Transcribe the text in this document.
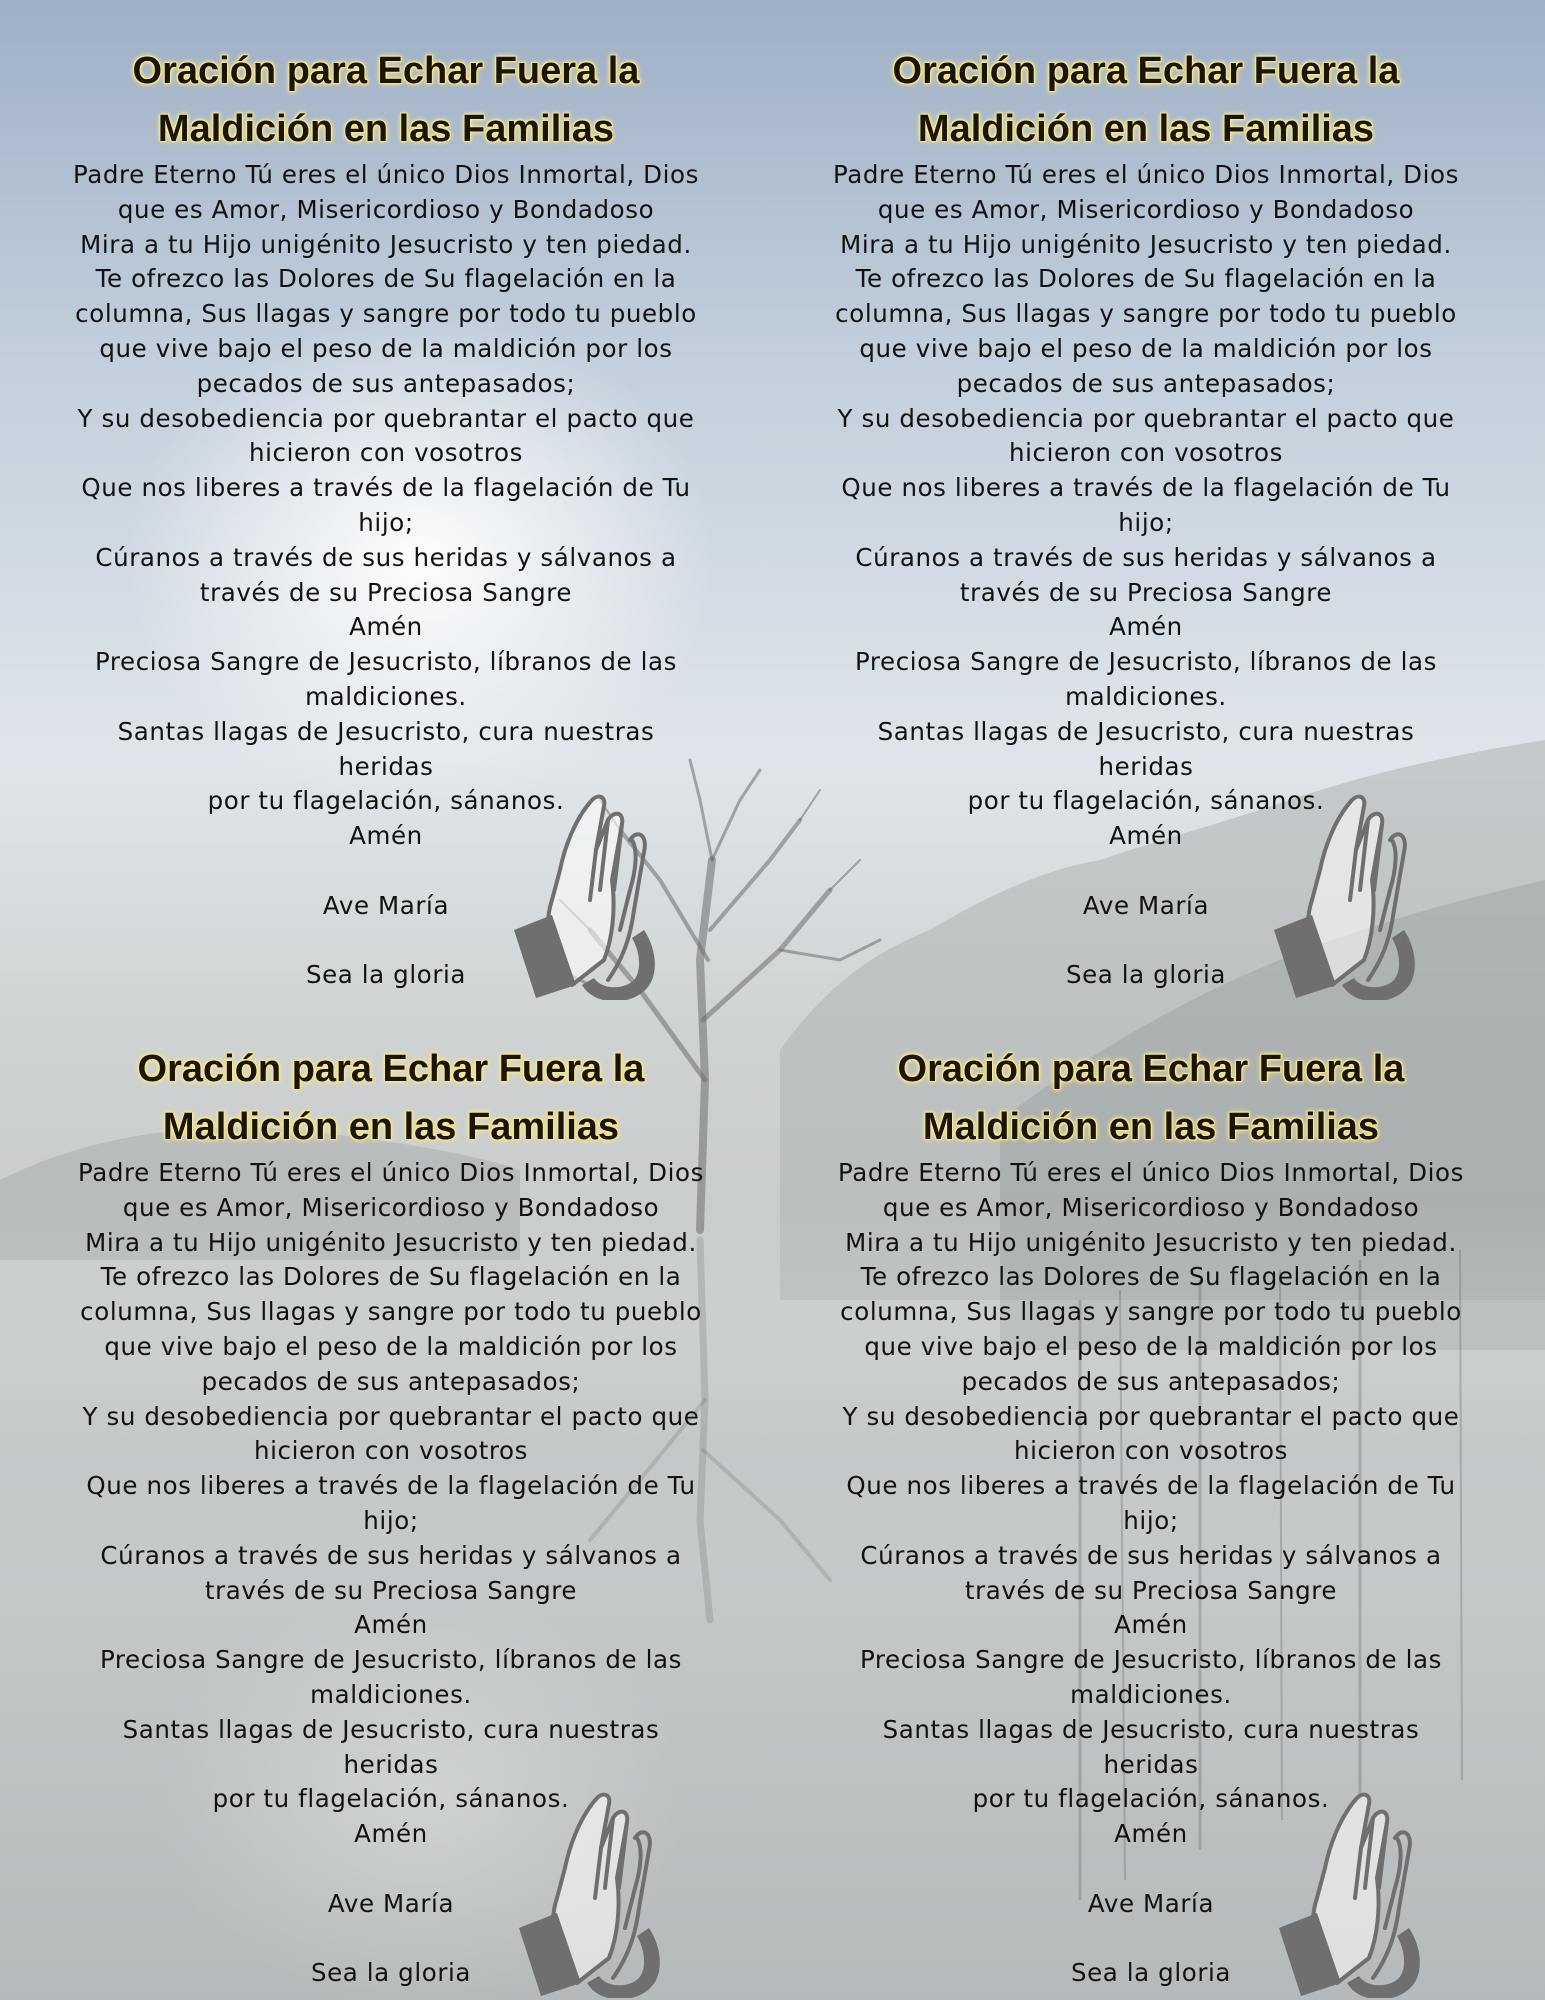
Oración para Echar Fuera la
Maldición en las Familias
Padre Eterno Tú eres el único Dios Inmortal, Dios
que es Amor, Misericordioso y Bondadoso
Mira a tu Hijo unigénito Jesucristo y ten piedad.
Te ofrezco las Dolores de Su flagelación en la
columna, Sus llagas y sangre por todo tu pueblo
que vive bajo el peso de la maldición por los
pecados de sus antepasados;
Y su desobediencia por quebrantar el pacto que
hicieron con vosotros
Que nos liberes a través de la flagelación de Tu
hijo;
Cúranos a través de sus heridas y sálvanos a
través de su Preciosa Sangre
Amén
Preciosa Sangre de Jesucristo, líbranos de las
maldiciones.
Santas llagas de Jesucristo, cura nuestras
heridas
por tu flagelación, sánanos.
Amén
Ave María
Sea la gloria
Oración para Echar Fuera la
Maldición en las Familias
Padre Eterno Tú eres el único Dios Inmortal, Dios
que es Amor, Misericordioso y Bondadoso
Mira a tu Hijo unigénito Jesucristo y ten piedad.
Te ofrezco las Dolores de Su flagelación en la
columna, Sus llagas y sangre por todo tu pueblo
que vive bajo el peso de la maldición por los
pecados de sus antepasados;
Y su desobediencia por quebrantar el pacto que
hicieron con vosotros
Que nos liberes a través de la flagelación de Tu
hijo;
Cúranos a través de sus heridas y sálvanos a
través de su Preciosa Sangre
Amén
Preciosa Sangre de Jesucristo, líbranos de las
maldiciones.
Santas llagas de Jesucristo, cura nuestras
heridas
por tu flagelación, sánanos.
Amén
Ave María
Sea la gloria
Oración para Echar Fuera la
Maldición en las Familias
Padre Eterno Tú eres el único Dios Inmortal, Dios
que es Amor, Misericordioso y Bondadoso
Mira a tu Hijo unigénito Jesucristo y ten piedad.
Te ofrezco las Dolores de Su flagelación en la
columna, Sus llagas y sangre por todo tu pueblo
que vive bajo el peso de la maldición por los
pecados de sus antepasados;
Y su desobediencia por quebrantar el pacto que
hicieron con vosotros
Que nos liberes a través de la flagelación de Tu
hijo;
Cúranos a través de sus heridas y sálvanos a
través de su Preciosa Sangre
Amén
Preciosa Sangre de Jesucristo, líbranos de las
maldiciones.
Santas llagas de Jesucristo, cura nuestras
heridas
por tu flagelación, sánanos.
Amén
Ave María
Sea la gloria
Oración para Echar Fuera la
Maldición en las Familias
Padre Eterno Tú eres el único Dios Inmortal, Dios
que es Amor, Misericordioso y Bondadoso
Mira a tu Hijo unigénito Jesucristo y ten piedad.
Te ofrezco las Dolores de Su flagelación en la
columna, Sus llagas y sangre por todo tu pueblo
que vive bajo el peso de la maldición por los
pecados de sus antepasados;
Y su desobediencia por quebrantar el pacto que
hicieron con vosotros
Que nos liberes a través de la flagelación de Tu
hijo;
Cúranos a través de sus heridas y sálvanos a
través de su Preciosa Sangre
Amén
Preciosa Sangre de Jesucristo, líbranos de las
maldiciones.
Santas llagas de Jesucristo, cura nuestras
heridas
por tu flagelación, sánanos.
Amén
Ave María
Sea la gloria
